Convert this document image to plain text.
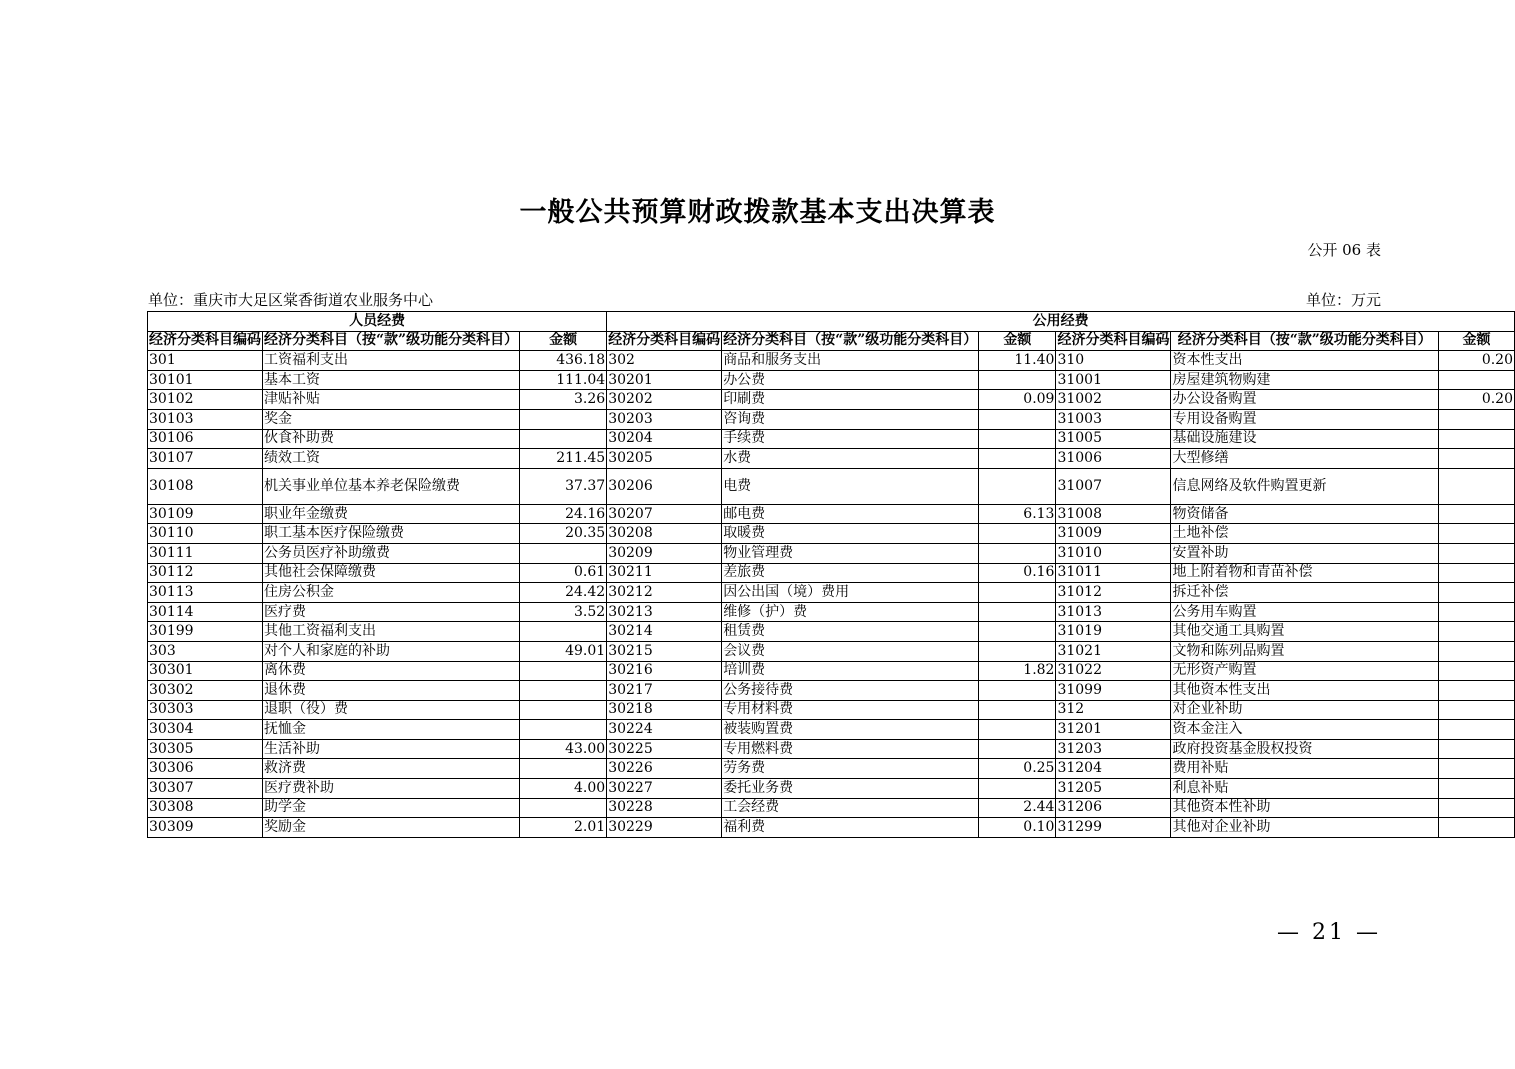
一般公共预算财政拨款基本支出决算表
公开 06 表
单位：重庆市大足区棠香街道农业服务中心	单位：万元
人员经费			公用经费					
经济分类科目编码	经济分类科目（按“款”级功能分类科目）	金额	经济分类科目编码	经济分类科目（按“款”级功能分类科目）	金额	经济分类科目编码	经济分类科目（按“款”级功能分类科目）	金额
301	工资福利支出	436.18	302	商品和服务支出	11.40	310	资本性支出	0.20
30101	基本工资	111.04	30201	办公费		31001	房屋建筑物购建	
30102	津贴补贴	3.26	30202	印刷费	0.09	31002	办公设备购置	0.20
30103	奖金		30203	咨询费		31003	专用设备购置	
30106	伙食补助费		30204	手续费		31005	基础设施建设	
30107	绩效工资	211.45	30205	水费		31006	大型修缮	
30108	机关事业单位基本养老保险缴费	37.37	30206	电费		31007	信息网络及软件购置更新	
30109	职业年金缴费	24.16	30207	邮电费	6.13	31008	物资储备	
30110	职工基本医疗保险缴费	20.35	30208	取暖费		31009	土地补偿	
30111	公务员医疗补助缴费		30209	物业管理费		31010	安置补助	
30112	其他社会保障缴费	0.61	30211	差旅费	0.16	31011	地上附着物和青苗补偿	
30113	住房公积金	24.42	30212	因公出国（境）费用		31012	拆迁补偿	
30114	医疗费	3.52	30213	维修（护）费		31013	公务用车购置	
30199	其他工资福利支出		30214	租赁费		31019	其他交通工具购置	
303	对个人和家庭的补助	49.01	30215	会议费		31021	文物和陈列品购置	
30301	离休费		30216	培训费	1.82	31022	无形资产购置	
30302	退休费		30217	公务接待费		31099	其他资本性支出	
30303	退职（役）费		30218	专用材料费		312	对企业补助	
30304	抚恤金		30224	被装购置费		31201	资本金注入	
30305	生活补助	43.00	30225	专用燃料费		31203	政府投资基金股权投资	
30306	救济费		30226	劳务费	0.25	31204	费用补贴	
30307	医疗费补助	4.00	30227	委托业务费		31205	利息补贴	
30308	助学金		30228	工会经费	2.44	31206	其他资本性补助	
30309	奖励金	2.01	30229	福利费	0.10	31299	其他对企业补助	
— 21 —
